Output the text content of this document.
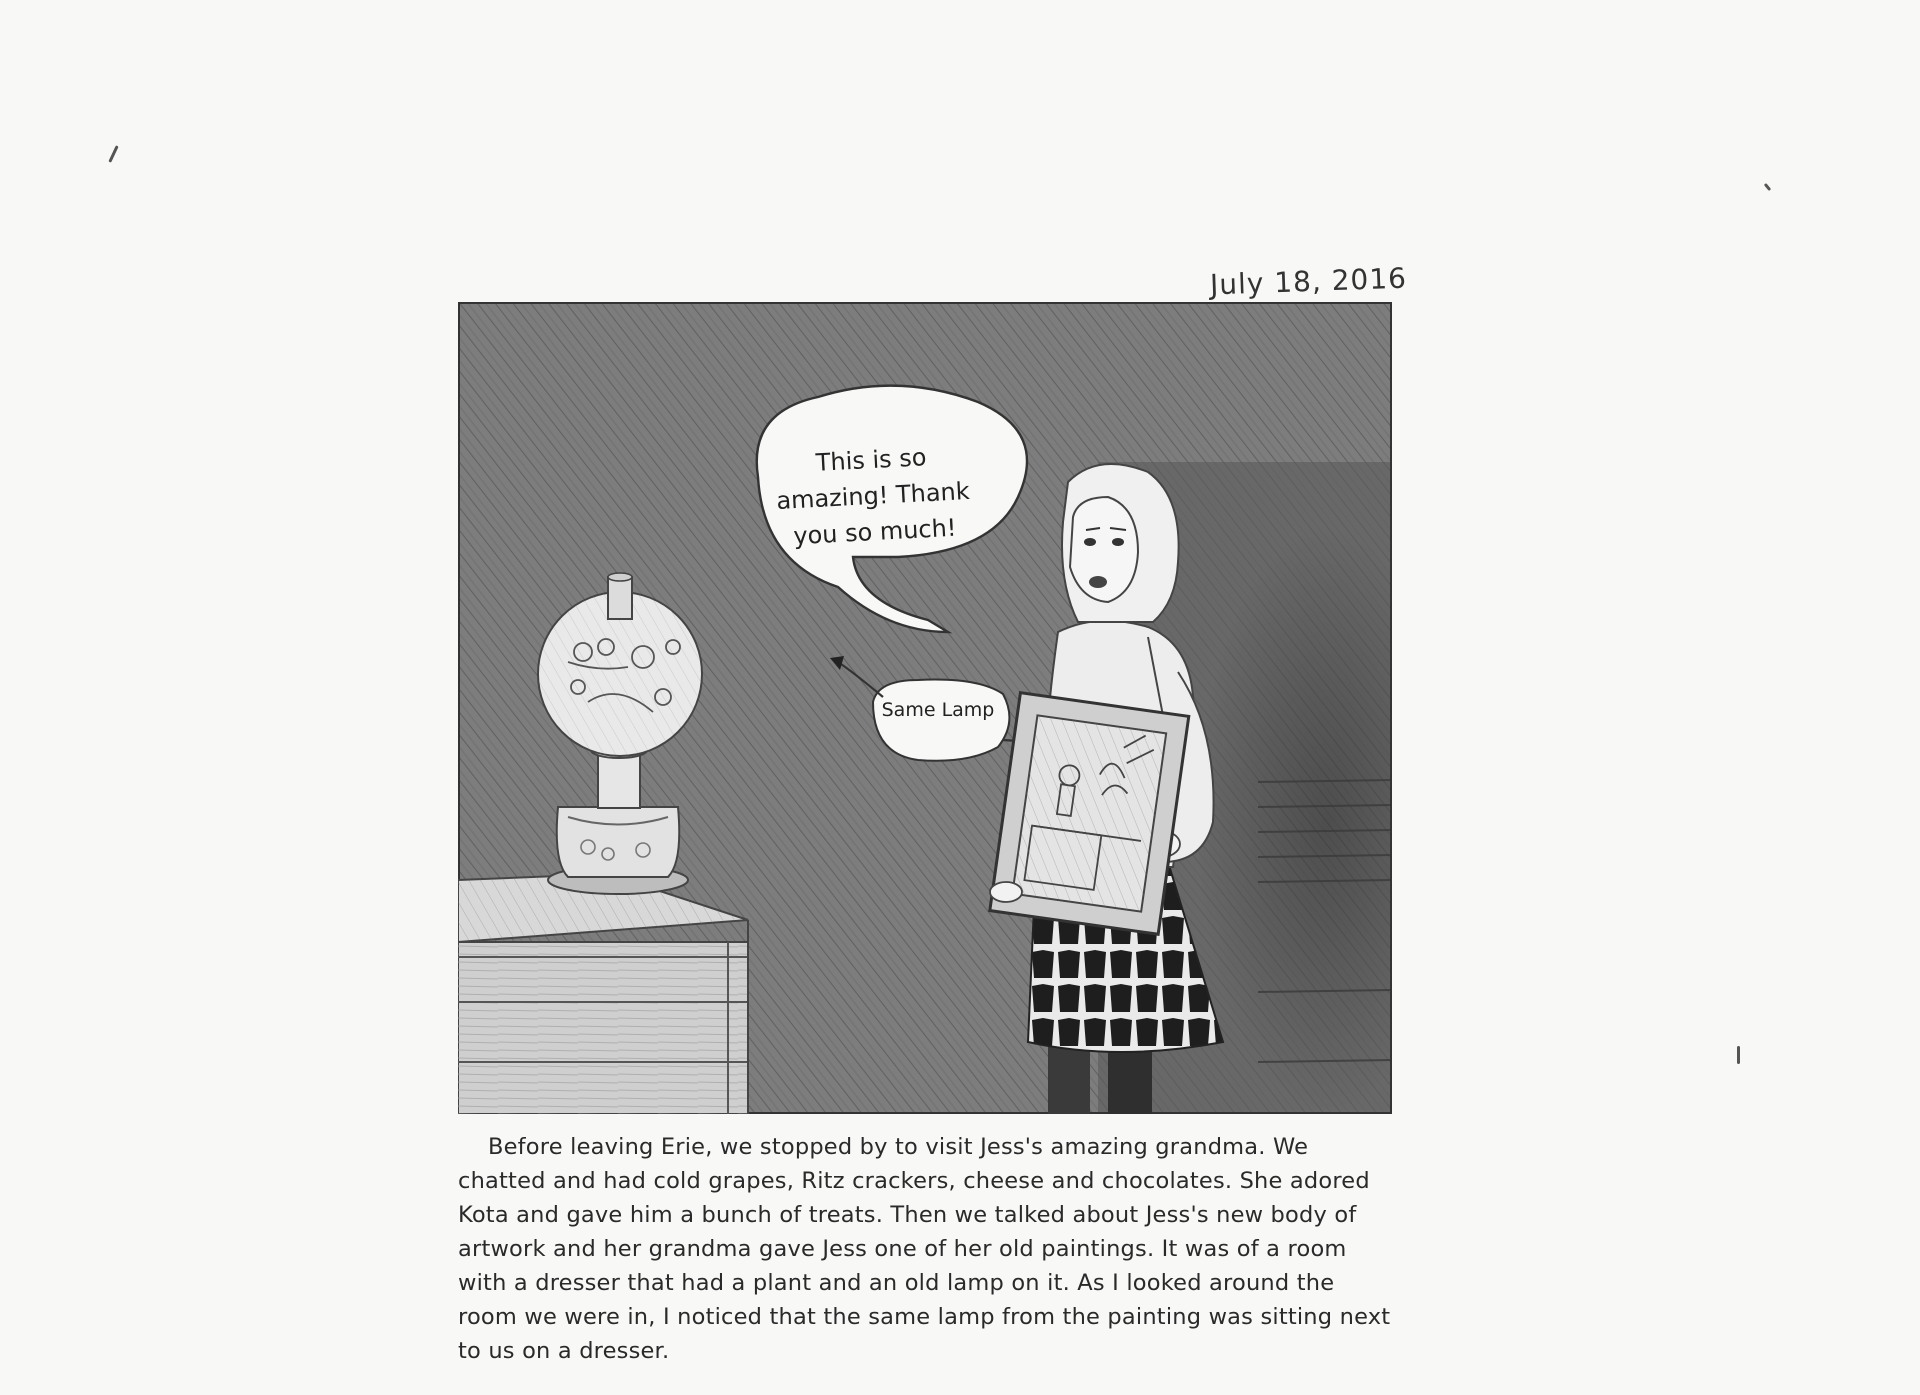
July 18, 2016
This is so amazing! Thank you so much!
Same Lamp
Before leaving Erie, we stopped by to visit Jess's amazing grandma. We chatted and had cold grapes, Ritz crackers, cheese and chocolates. She adored Kota and gave him a bunch of treats. Then we talked about Jess's new body of artwork and her grandma gave Jess one of her old paintings. It was of a room with a dresser that had a plant and an old lamp on it. As I looked around the room we were in, I noticed that the same lamp from the painting was sitting next to us on a dresser.
